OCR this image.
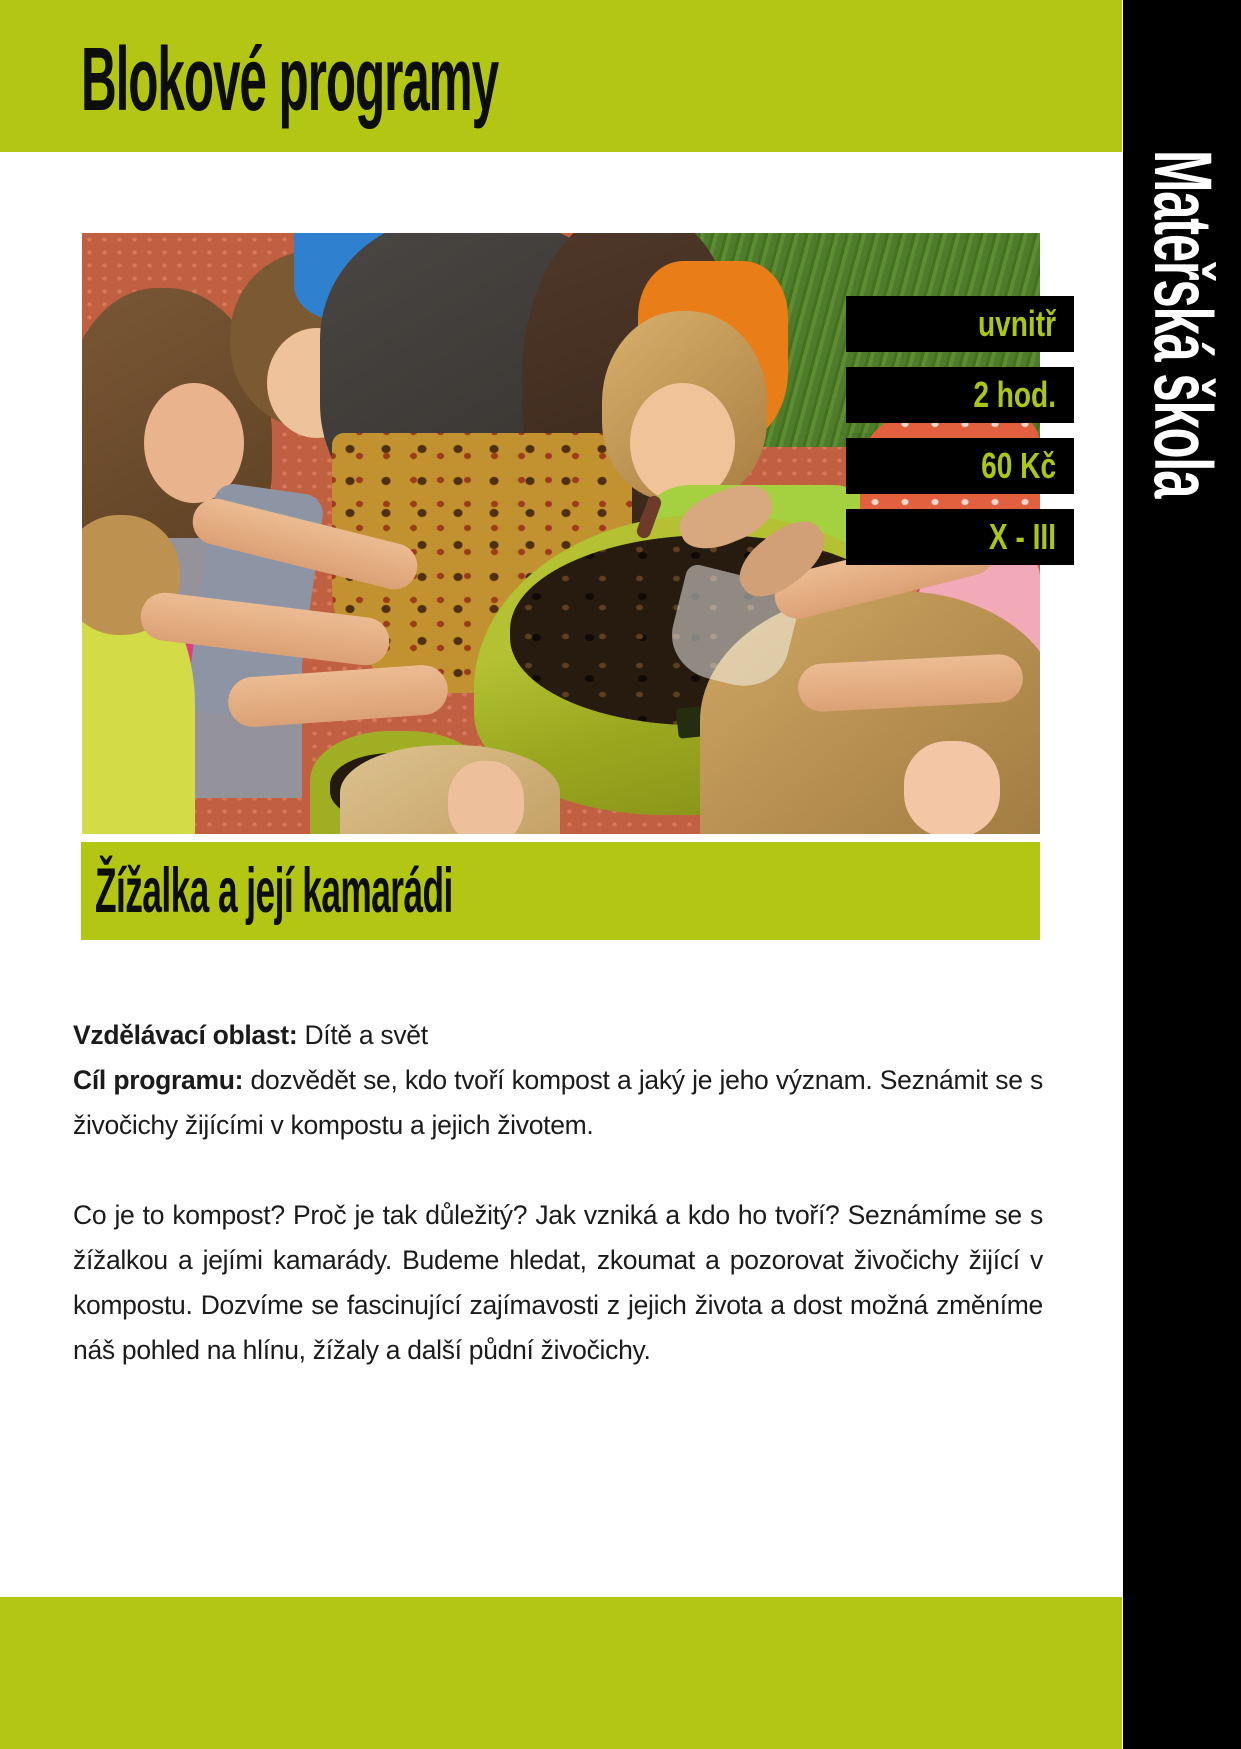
Blokové programy
Mateřská škola
uvnitř
2 hod.
60 Kč
X - III
Žížalka a její kamarádi

Vzdělávací oblast: Dítě a svět

Cíl programu: dozvědět se, kdo tvoří kompost a jaký je jeho význam. Seznámit se s živočichy žijícími v kompostu a jejich životem.

Co je to kompost? Proč je tak důležitý? Jak vzniká a kdo ho tvoří? Seznámíme se s žížalkou a jejími kamarády. Budeme hledat, zkoumat a pozorovat živočichy žijící v kompostu. Dozvíme se fascinující zajímavosti z jejich života a dost možná změníme náš pohled na hlínu, žížaly a další půdní živočichy.
